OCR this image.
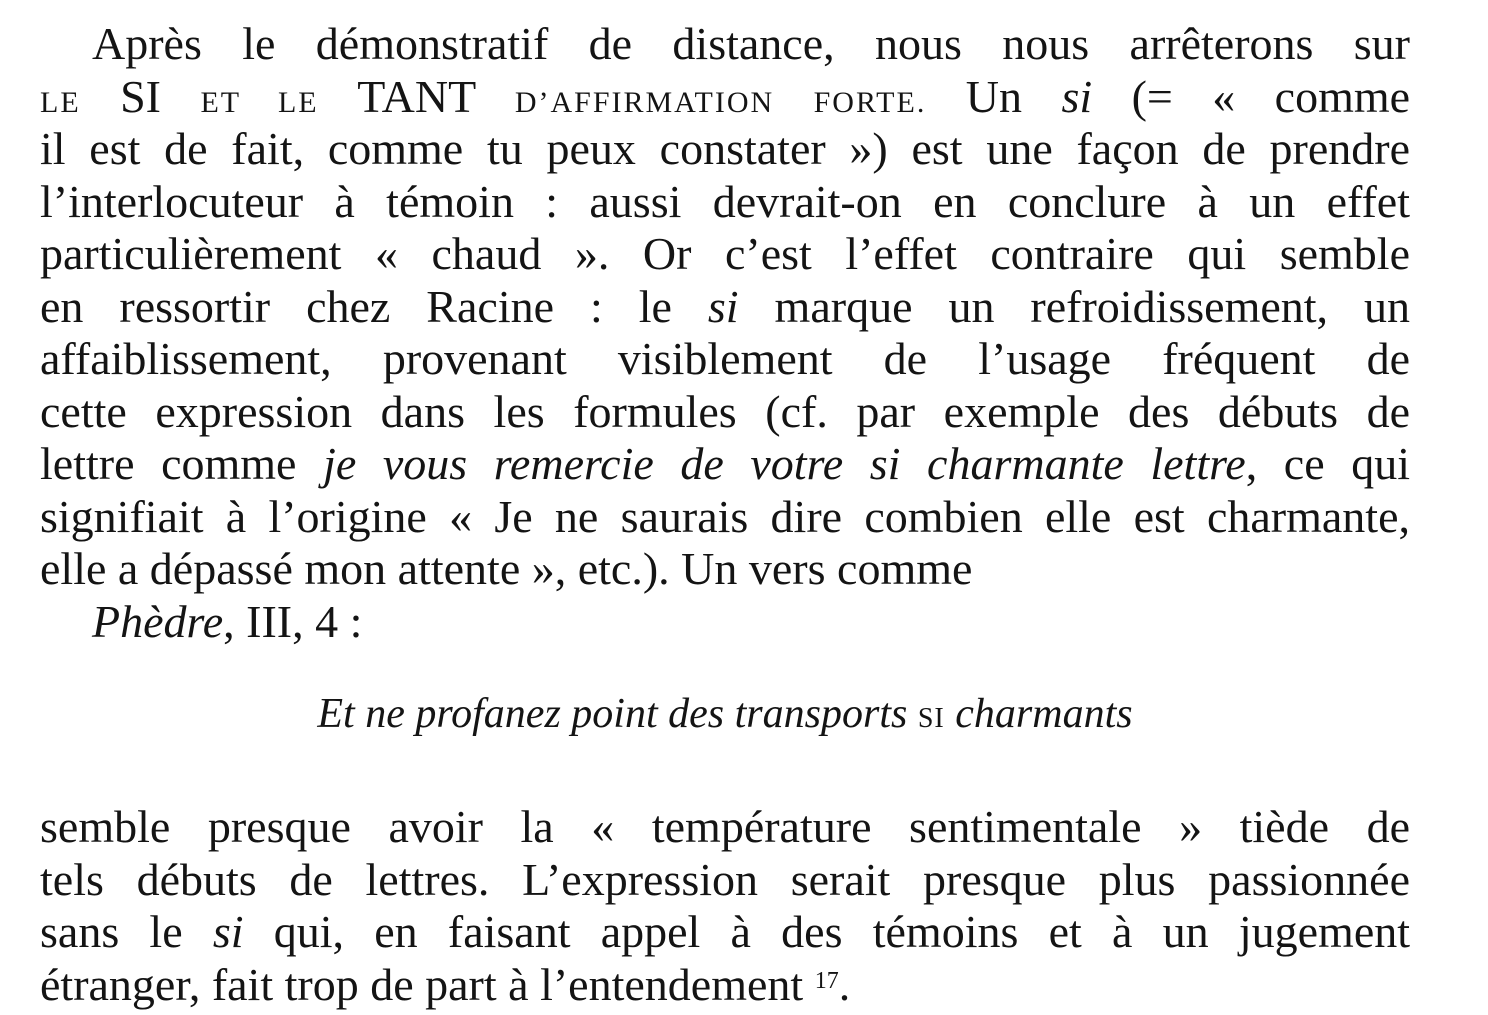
Après le démonstratif de distance, nous nous arrêterons sur
LE SI ET LE TANT D’AFFIRMATION FORTE. Un si (= « comme
il est de fait, comme tu peux constater ») est une façon de prendre
l’interlocuteur à témoin : aussi devrait-on en conclure à un effet
particulièrement « chaud ». Or c’est l’effet contraire qui semble
en ressortir chez Racine : le si marque un refroidissement, un
affaiblissement, provenant visiblement de l’usage fréquent de
cette expression dans les formules (cf. par exemple des débuts de
lettre comme je vous remercie de votre si charmante lettre, ce qui
signifiait à l’origine « Je ne saurais dire combien elle est charmante,
elle a dépassé mon attente », etc.). Un vers comme
Phèdre, III, 4 :
Et ne profanez point des transports SI charmants
semble presque avoir la « température sentimentale » tiède de
tels débuts de lettres. L’expression serait presque plus passionnée
sans le si qui, en faisant appel à des témoins et à un jugement
étranger, fait trop de part à l’entendement $^{17}$.
